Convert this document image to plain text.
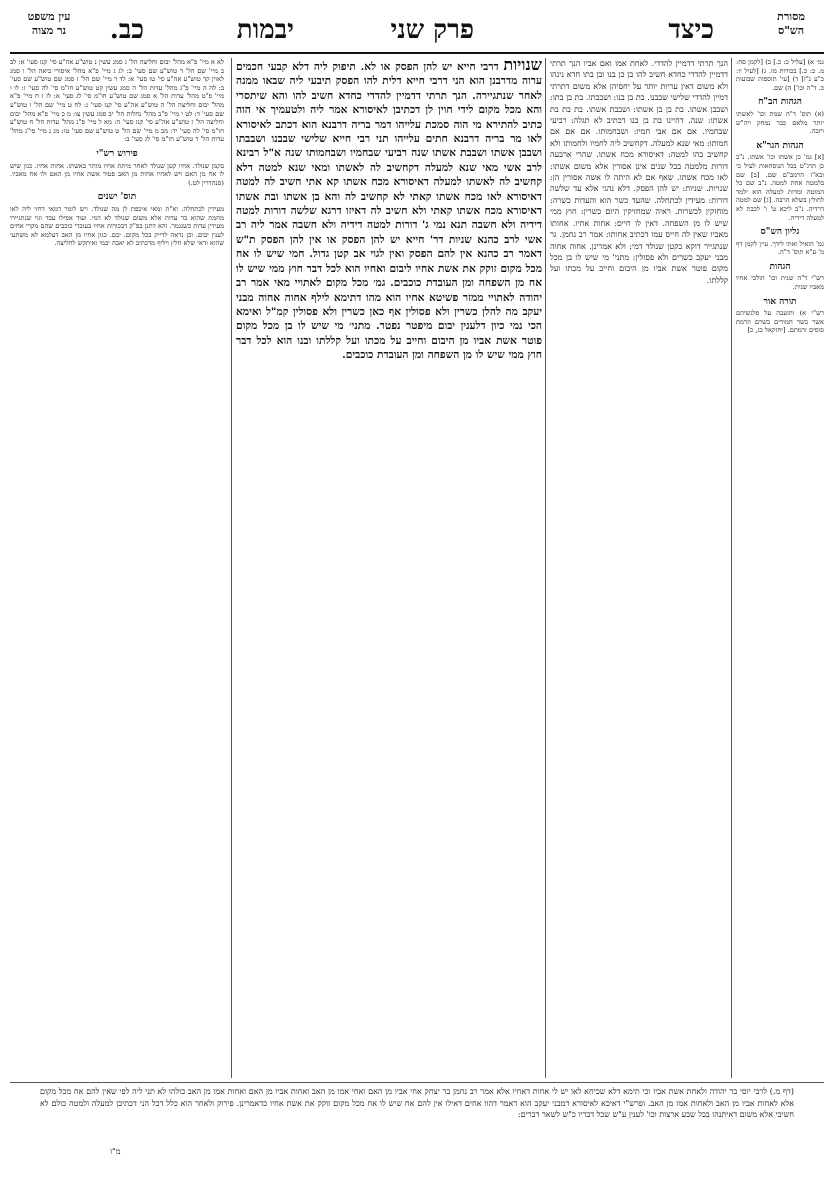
מסורת
הש"ס
כיצד
פרק שני
יבמות
כב.
עין משפט
נר מצוה

גמ׳ א) [עליל כ: כ.] ב) [לקמן סח: מ. כ: כ.] בכורות מז. ג) [לעיל יז: כ"ע נ"ז] ד) [עי' תוספות שבועות כ. ד"ה וכו'] ה) שם.

הגהות הב"ח

(א) תוס' ד"ה שמת וכו' לאשתו יותר מלאם כבר נמחק ויה"ש ויזכה.

הגהות הגר"א

[א] גמ' כן אשתו וכו' אשתו. נ"ב כן הדג"ט בכל הנוסחאות לעיל כי ובא"ז הרמב"ם שם. [ב] שם בלמטה אחת למטה. נ"ב שם כל המוטה ומדות למעלה הוא ילמד לחולץ בשלא הרבה. [ג] שם למטה דרדיה. נ"ב ליכא ט' ו' לכבת לא למעלה דידיה.

גליון הש"ס

גמ' הואיל ואתי לידך. עיין לקמן דף מ' ע"א תוס' ד"ה.

הגהות

רש"י ד"ה שנית וכו' הולכי אחיו מאביו שנית.

תורה אור

רש"י א) ותועבה על פלגשיהם אשר בשר חמורים בשרם וזרמת סוסים זרמתם. [יחזקאל כג, כ]

הנך תרתי דדמיין להדדי. לאחת אמו ואם אביו הנך תרתי דדמיין להדדי כחדא חשיב להו בן כן בנו ובן בתו חדא נינהו ולא משום דאין עריות יותר על יחסיהן אלא משום דתרתי דמיין להדדי שלישי שבבנו. בת בן בנו: ושבבתו. בת בן בתו: ושבבן אשתו. בת בן בן אשתו: ושבבת אשתו. בת בת בת אשתו: שנה. דהיינו בת בן בנו דכתיב לא תגלה: רביעי שבחמיו. אם אם אבי חמיו: ושבחמותו. אם אם אם חמותו: מאי שנא למעלה. דקחשיב ליה לחמיו ולחמותו ולא קחשיב בהו למטה: דאיסורא מכח אשתו. שהרי ארבעה דורות מלמטה בכל שנים אינן אסורין אלא משום אשתו: לאו מכח אשתו. שאף אם לא היתה לו אשה אסורין הן: שנויות. שניות: יש להן הפסק. דלא נהגי אלא עד שלשה דורות: מעידין לכתחלה. שהעד כשר הוא והעדות כשרה: מוחזקין לכשרות. ראיה שמחזיקין היום כשרין: חוץ ממי שיש לו מן השפחה. דאין לו חייס: אחות אחיו. אחותו מאביו שאין לה חייס עמו דכתיב אחותו: אמר רב נחמן. גר שנתגייר דוקא כקטן שנולד דמי: ולא אמרינן. אחוה אחוה מבני יעקב כשרים ולא פסולין: מתני' מי שיש לו בן מכל מקום פוטר אשת אביו מן היבום וחייב על מכתו ועל קללתו.

שנויות דרבי חייא יש להן הפסק או לא. תיפוק ליה דלא קבעי חכמים ערוה מדרבנן הוא הני דרבי חייא דלית להו הפסק תיבעי ליה שבאו ממנה לאחר שנתגיירה. הנך תרתי דדמיין להדדי כחדא חשיב להו והא שיתסרי והא מכל מקום לידי חוין לן דכתיבן לאיסורא אמר ליה ולטעמיך אי הוה כתיב להתירא מי הוה סמכת עלייהו דמר בריה דרבנא הוא דכתב לאיסורא לאו מר בריה דרבנא חתים עלייהו תני רבי חייא שלישי שבבנו ושבבתו ושבבן אשתו ושבבת אשתו שנה רביעי שבחמיו ושבחמותו שנה א"ל רבינא לרב אשי מאי שנא למעלה דקחשיב לה לאשתו ומאי שנא למטה דלא קחשיב לה לאשתו למעלה דאיסורא מכח אשתו קא אתי חשיב לה למטה דאיסורא לאו מכח אשתו קאתי לא קחשיב לה והא בן אשתו ובת אשתו דאיסורא מכח אשתו קאתי ולא חשיב לה דאיזו דרגא שלשה דורות למטה דידיה ולא חשבה תנא נמי ג' דורות למטה דידיה ולא חשבה אמר ליה רב אשי לרב כהנא שניות דר' חייא יש להן הפסק או אין להן הפסק ת"ש דאמר רב כהנא אין להם הפסק ואין לגוי אב קטן גדול. חמי שיש לו אח מכל מקום זוקק את אשת אחיו ליבום ואחיו הוא לכל דבר חוץ ממי שיש לו אח מן השפחה ומן העובדת כוכבים. גמ׳ מכל מקום לאתויי מאי אמר רב יהודה לאתויי ממזר פשיטא אחיו הוא מהו דתימא לילף אחוה אחוה מבני יעקב מה להלן כשרין ולא פסולין אף כאן כשרין ולא פסולין קמ"ל ואימא הכי נמי כיון דלענין יבום מיפטר נפטר. מתני׳ מי שיש לו בן מכל מקום פוטר אשת אביו מן היבום וחייב על מכתו ועל קללתו ובנו הוא לכל דבר חוץ ממי שיש לו מן השפחה ומן העובדת כוכבים.

לא א מיי' פ"א מהל' יבום וחליצה הל' ג סמג עשין נ טוש"ע אה"ע סי' קנז סעי' א: לב ב מיי' שם הל' ד טוש"ע שם סעי' ב: לג ג מיי' פ"א מהל' איסורי ביאה הל' ו סמג לאוין קד טוש"ע אה"ע סי' טו סעי' א: לד ד מיי' שם הל' ז סמג שם טוש"ע שם סעי' ב: לה ה מיי' פ"ג מהל' עדות הל' ה סמג עשין קט טוש"ע חו"מ סי' לה סעי' ז: לו ו מיי' פ"ט מהל' עדות הל' א סמג שם טוש"ע חו"מ סי' לג סעי' א: לז ז ח מיי' פ"א מהל' יבום וחליצה הל' ה טוש"ע אה"ע סי' קנז סעי' ג: לח ט מיי' שם הל' ו טוש"ע שם סעי' ד: לט י מיי' פ"ב מהל' נחלות הל' יב סמג עשין צו: מ כ מיי' פ"א מהל' יבום וחליצה הל' ז טוש"ע אה"ע סי' קנז סעי' ה: מא ל מיי' פ"ג מהל' עדות הל' ח טוש"ע חו"מ סי' לה סעי' יד: מב מ מיי' שם הל' ט טוש"ע שם סעי' טו: מג נ מיי' פי"ג מהל' עדות הל' ד טוש"ע חו"מ סי' לג סעי' ב:

פירוש רש"י

בקמן שנולד. אחיו קטן שנולד לאחר מיתת אחיו מותר באשתו. אחות אחיו. כגון שיש לו אח מן האם ויש לאחיו אחות מן האב פטור אשת אחיו מן האם ולו אח מאביו. (סנהדרין לט.)

תוס' ישנים

מעידין לכתחלה. וא"ת ומאי איכפת לן מה שנולד. ויש לומר דמאי דחזי ליה לאו מחמת שהוא בר עדות אלא משום שנולד לא דמי. ועוד אפילו עבד וגוי שנתגיירו מעידין עדות כשנגמר. והא דתנן בפ"ק דבכורות אחיו בעובדי כוכבים שהם מקרי אחים לענין יבום. וכן נראה לדייק בכל מקום. יבם. כגון אחיו מן האב דעלמא לא משתעי שהוא ודאי שלא חלץ ויליף מדכתיב לא יאבה יבמי ואיתקש לחליצה.

(דף מ.) לרבי יוסי בר יהודה ולאחת אשת אביו וכי תימא דלא שכיחא לאו יש לי אחות דאחיו אלא אמר רב נחמן בר יצחק אחי אביו מן האם ואחי אמו מן האב ואחות אביו מן האם ואחות אמו מן האב כולהו לא תני ליה לפי שאין להם אח מכל מקום אלא לאחות אביו מן האב ולאחות אמו מן האב. ופרש"י דאיכא לאיסורא דמבני יעקב הוא דאמר דהוו אחים דאילו אין להם אח שיש לו אח מכל מקום זוקק את אשת אחיו כדאמרינן. פירוק ולאחר הוא כלל דכל הני דכתיבן למעלה ולמטה כולם לא חשיבי אלא משום דאיתנהו בכל שבע ארצות וכו' לענין ע"ש שכל דבריו כ"ש לשאר דברים:
מ"ו
